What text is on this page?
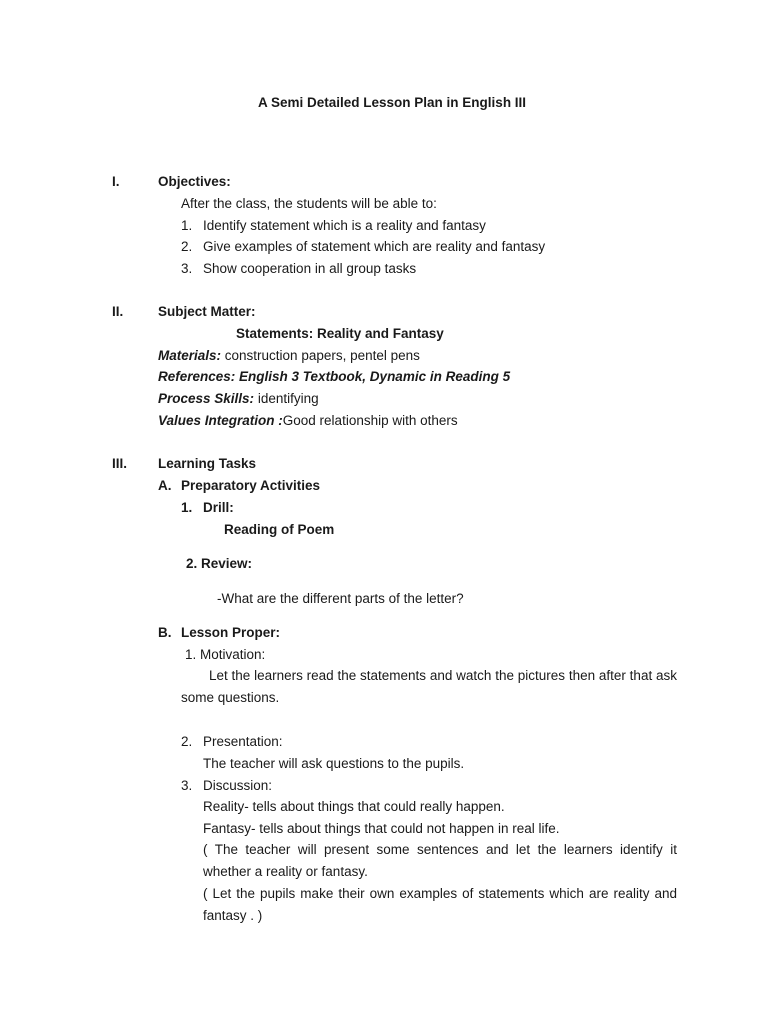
A Semi Detailed Lesson Plan in English III
I.	Objectives:
After the class, the students will be able to:
1. Identify statement which is a reality and fantasy
2. Give examples of statement which are reality and fantasy
3. Show cooperation in all group tasks
II.	Subject Matter:
Statements: Reality and Fantasy
Materials: construction papers, pentel pens
References: English 3 Textbook, Dynamic in Reading 5
Process Skills: identifying
Values Integration :Good relationship with others
III. Learning Tasks
A. Preparatory Activities
1. Drill:
Reading of Poem
2. Review:
-What are the different parts of the letter?
B. Lesson Proper:
1. Motivation:
Let the learners read the statements and watch the pictures then after that ask some questions.
2. Presentation:
The teacher will ask questions to the pupils.
3. Discussion:
Reality- tells about things that could really happen.
Fantasy- tells about things that could not happen in real life.
( The teacher will present some sentences and let the learners identify it whether a reality or fantasy.
( Let the pupils make their own examples of statements which are reality and fantasy . )
